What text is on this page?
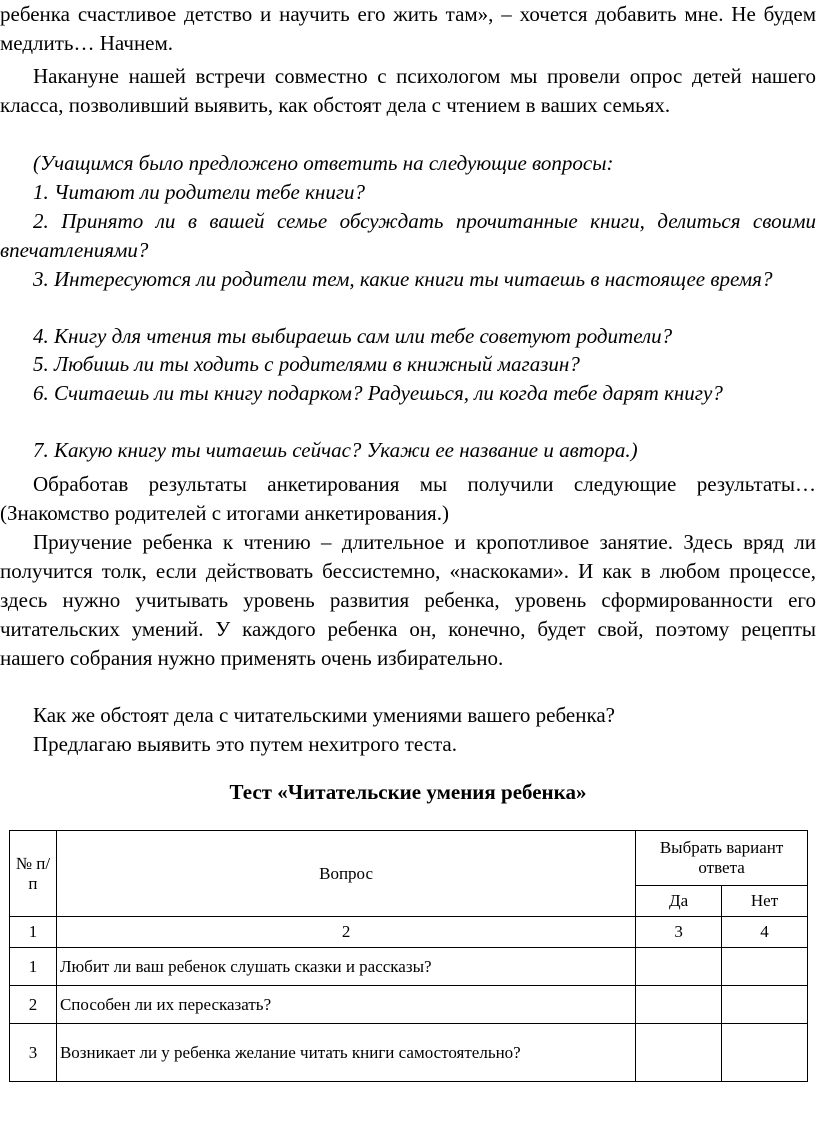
ребенка счастливое детство и научить его жить там», – хочется добавить мне. Не будем медлить… Начнем.

Накануне нашей встречи совместно с психологом мы провели опрос детей нашего класса, позволивший выявить, как обстоят дела с чтением в ваших семьях.

(Учащимся было предложено ответить на следующие вопросы:

1. Читают ли родители тебе книги?

2. Принято ли в вашей семье обсуждать прочитанные книги, делиться своими впечатлениями?

3. Интересуются ли родители тем, какие книги ты читаешь в настоящее время?

4. Книгу для чтения ты выбираешь сам или тебе советуют родители?

5. Любишь ли ты ходить с родителями в книжный магазин?

6. Считаешь ли ты книгу подарком? Радуешься, ли когда тебе дарят книгу?

7. Какую книгу ты читаешь сейчас? Укажи ее название и автора.)

Обработав результаты анкетирования мы получили следующие результаты… (Знакомство родителей с итогами анкетирования.)

Приучение ребенка к чтению – длительное и кропотливое занятие. Здесь вряд ли получится толк, если действовать бессистемно, «наскоками». И как в любом процессе, здесь нужно учитывать уровень развития ребенка, уровень сформированности его читательских умений. У каждого ребенка он, конечно, будет свой, поэтому рецепты нашего собрания нужно применять очень избирательно.

Как же обстоят дела с читательскими умениями вашего ребенка?

Предлагаю выявить это путем нехитрого теста.

Тест «Читательские умения ребенка»
№ п/п	Вопрос	Выбрать вариант ответа	
		Да	Нет
1	2	3	4
1	Любит ли ваш ребенок слушать сказки и рассказы?		
2	Способен ли их пересказать?		
3	Возникает ли у ребенка желание читать книги самостоятельно?		
